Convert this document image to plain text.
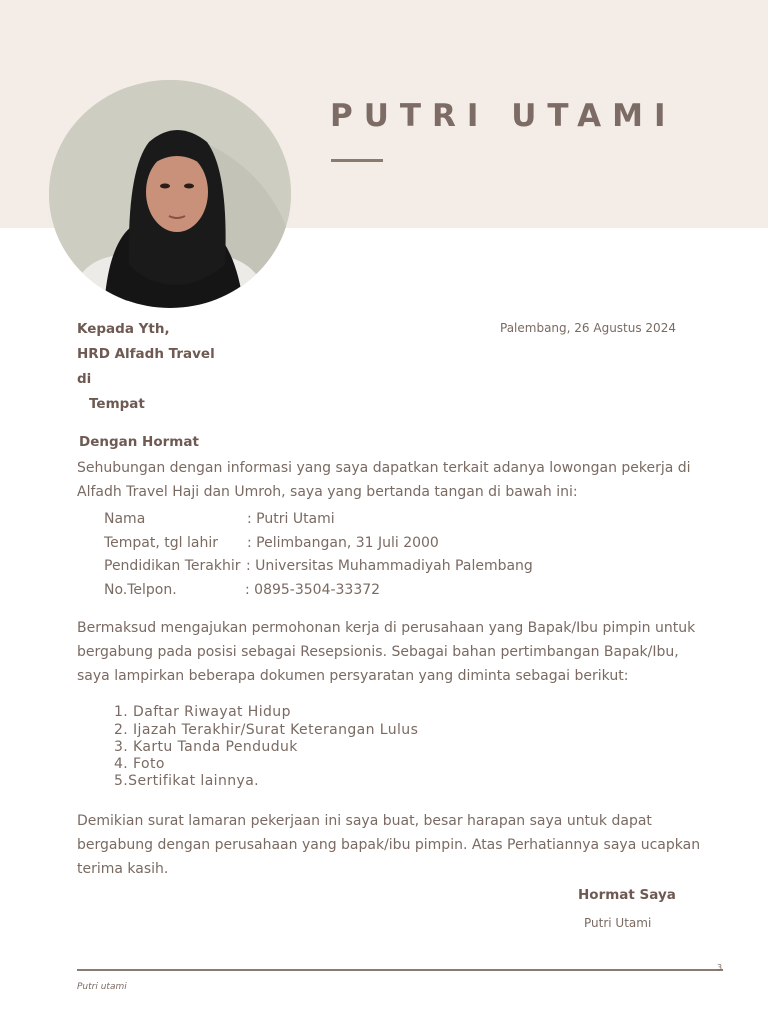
PUTRI UTAMI
Palembang, 26 Agustus 2024
Kepada Yth,
HRD Alfadh Travel
di
Tempat
Dengan Hormat
Sehubungan dengan informasi yang saya dapatkan terkait adanya lowongan pekerja di Alfadh Travel Haji dan Umroh, saya yang bertanda tangan di bawah ini:
Nama	: Putri Utami
Tempat, tgl lahir : Pelimbangan, 31 Juli 2000
Pendidikan Terakhir : Universitas Muhammadiyah Palembang
No.Telpon.	: 0895-3504-33372
Bermaksud mengajukan permohonan kerja di perusahaan yang Bapak/Ibu pimpin untuk bergabung pada posisi sebagai Resepsionis. Sebagai bahan pertimbangan Bapak/Ibu, saya lampirkan beberapa dokumen persyaratan yang diminta sebagai berikut:
1. Daftar Riwayat Hidup
2. Ijazah Terakhir/Surat Keterangan Lulus
3. Kartu Tanda Penduduk
4. Foto
5.Sertifikat lainnya.
Demikian surat lamaran pekerjaan ini saya buat, besar harapan saya untuk dapat bergabung dengan perusahaan yang bapak/ibu pimpin. Atas Perhatiannya saya ucapkan terima kasih.
Hormat Saya
Putri Utami
3
Putri utami
